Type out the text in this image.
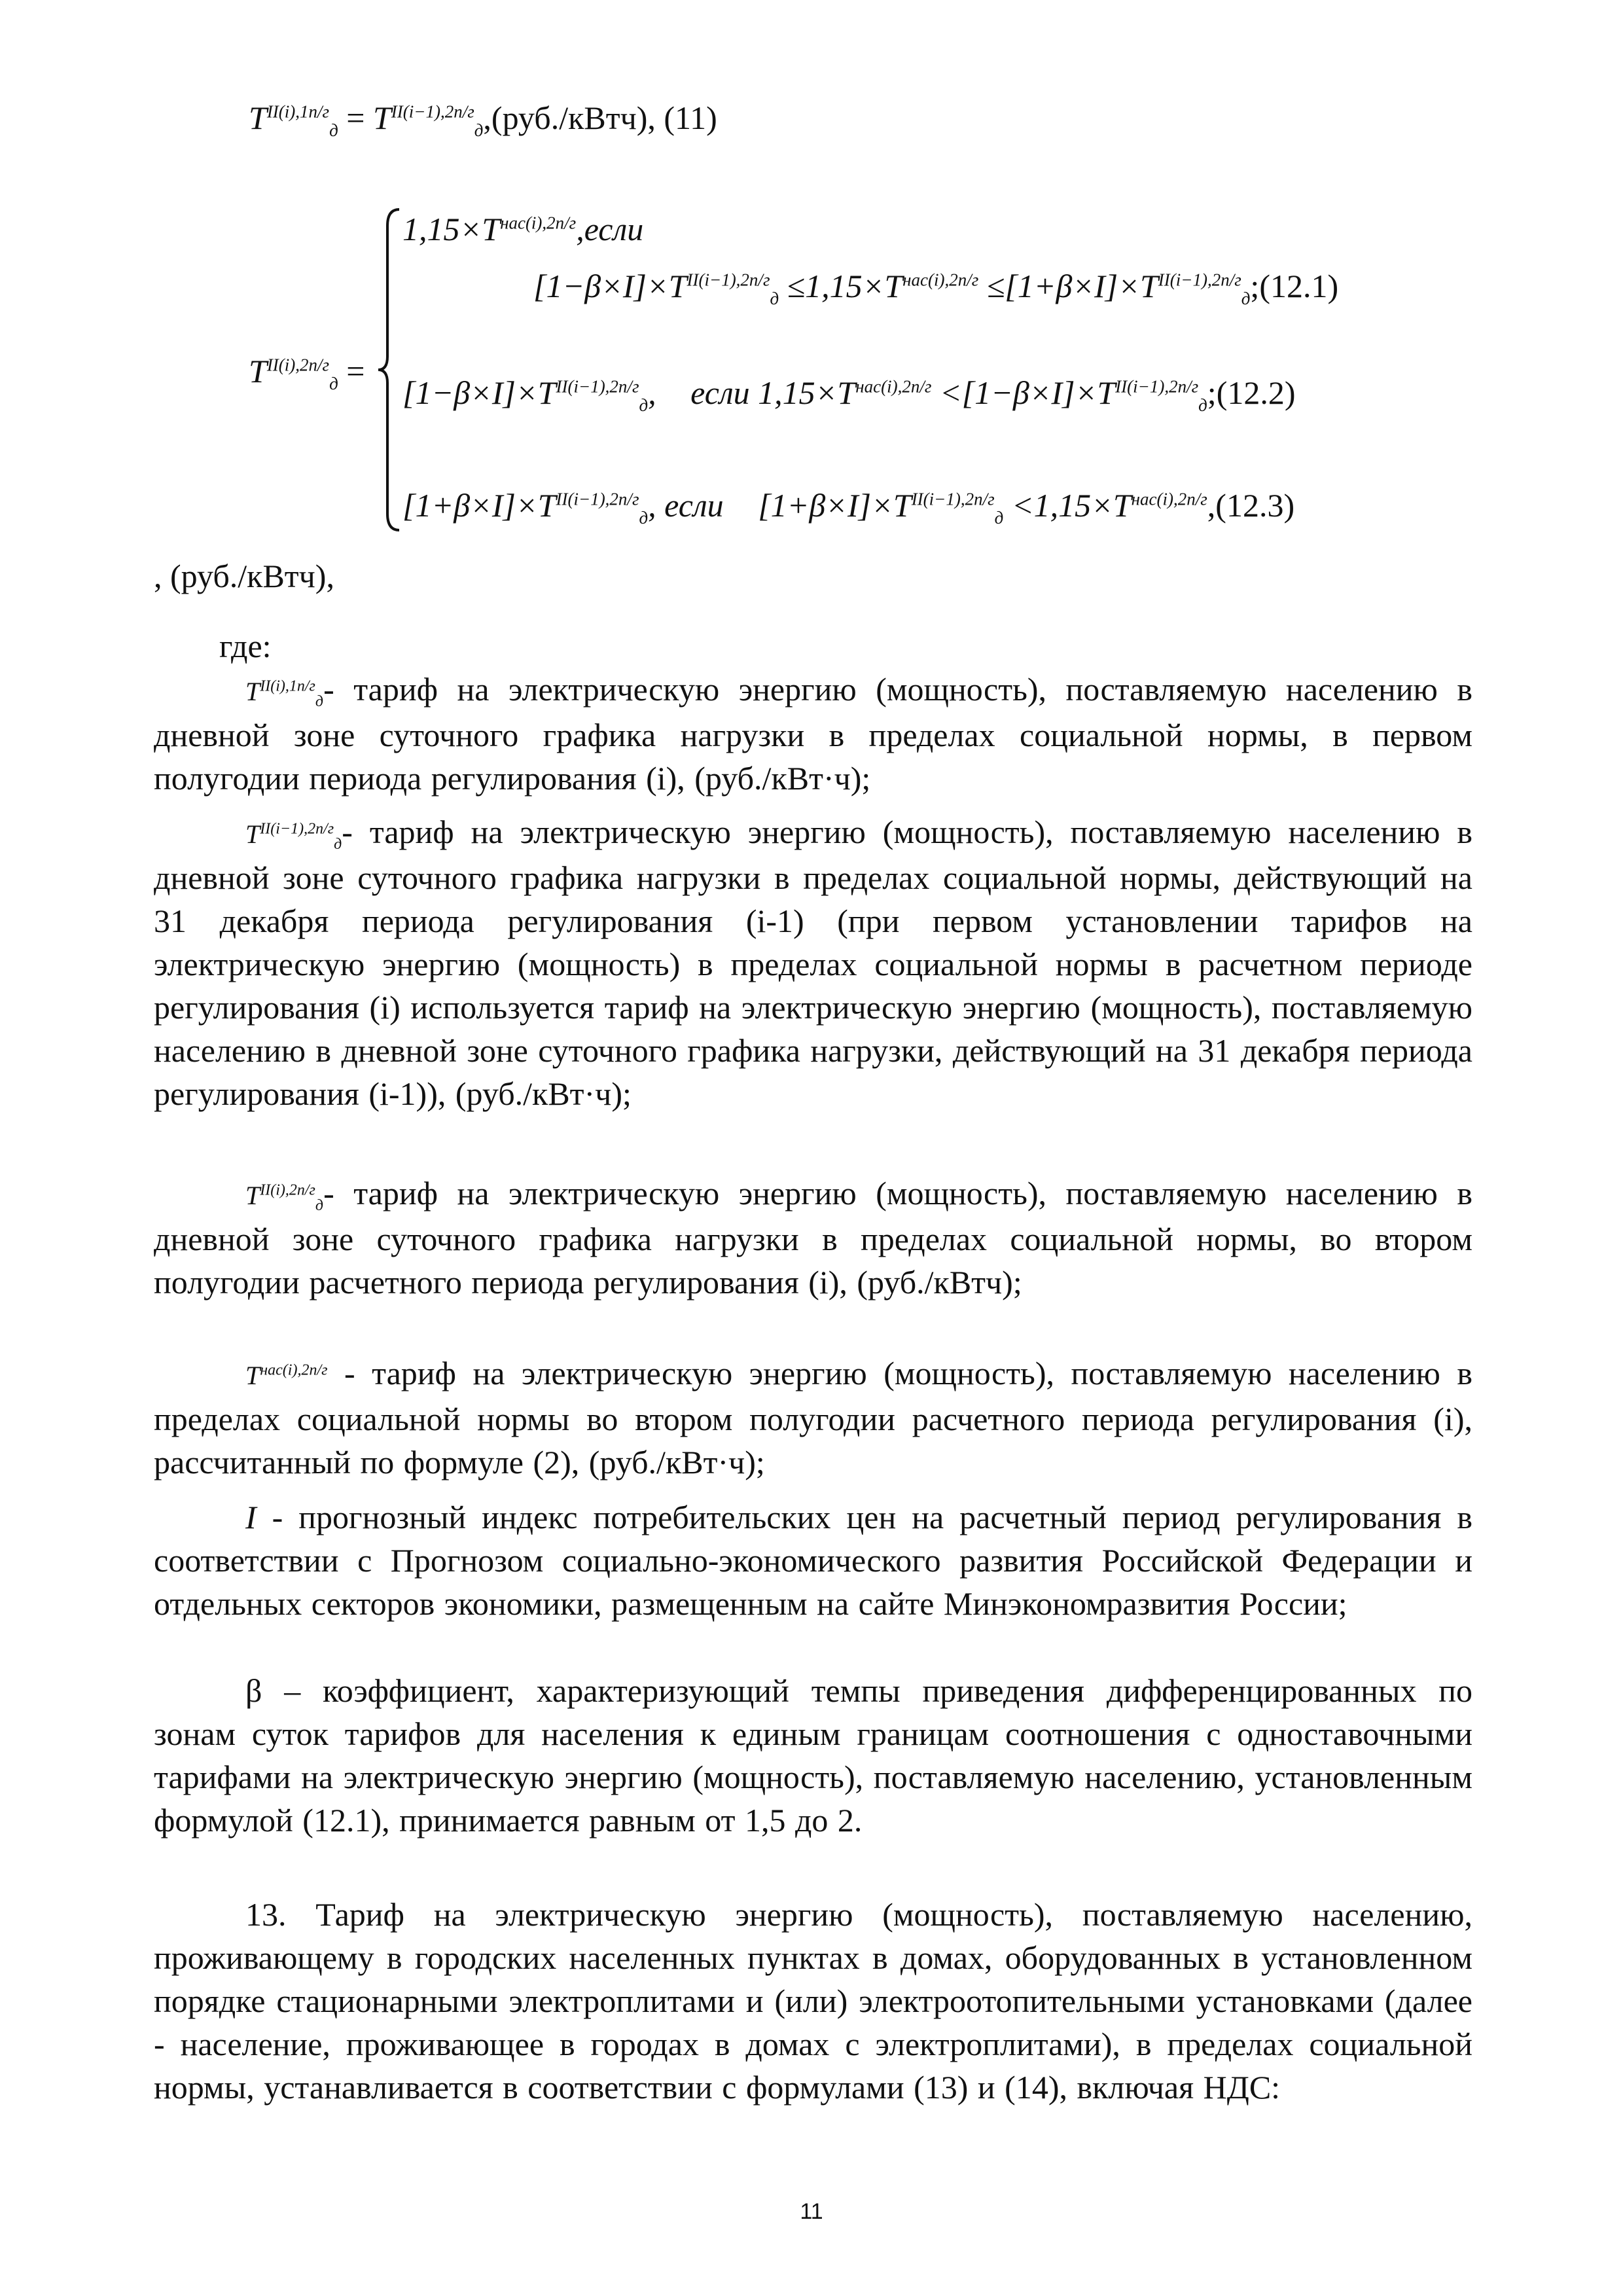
$T^{II(i),1п/г}_д$ = $T^{II(i-1),2п/г}_д,(руб./кВтч)$, (11)
$T^{II(i),2п/г}_д$ =
$1,15\times T^{нас(i),2п/г},если$
$[1-\beta\times I]\times T^{II(i-1),2п/г}_д \le 1,15\times T^{нас(i),2п/г}$ $\le[1+\beta\times I]\times T^{II(i-1),2п/г}_д;(12.1)$
$[1-\beta\times I]\times T^{II(i-1),2п/г}_д$, если $1,15\times T^{нас(i),2п/г}$ $<[1-\beta\times I]\times T^{II(i-1),2п/г}_д;(12.2)$
$[1+\beta\times I]\times T^{II(i-1),2п/г}_д$, если $[1+\beta\times I]\times T^{II(i-1),2п/г}_д <1,15\times T^{нас(i),2п/г},(12.3)$
, (руб./кВтч),
где:
$T^{II(i),1п/г}_д-$ тариф на электрическую энергию (мощность), поставляемую населению в дневной зоне суточного графика нагрузки в пределах социальной нормы, в первом полугодии периода регулирования (i), (руб./кВт·ч);
$T^{II(i-1),2п/г}_д-$ тариф на электрическую энергию (мощность), поставляемую населению в дневной зоне суточного графика нагрузки в пределах социальной нормы, действующий на 31 декабря периода регулирования (i-1) (при первом установлении тарифов на электрическую энергию (мощность) в пределах социальной нормы в расчетном периоде регулирования (i) используется тариф на электрическую энергию (мощность), поставляемую населению в дневной зоне суточного графика нагрузки, действующий на 31 декабря периода регулирования (i-1)), (руб./кВт·ч);
$T^{II(i),2п/г}_д-$ тариф на электрическую энергию (мощность), поставляемую населению в дневной зоне суточного графика нагрузки в пределах социальной нормы, во втором полугодии расчетного периода регулирования (i), (руб./кВтч);
$T^{нас(i),2п/г}$ - тариф на электрическую энергию (мощность), поставляемую населению в пределах социальной нормы во втором полугодии расчетного периода регулирования (i), рассчитанный по формуле (2), (руб./кВт·ч);
I - прогнозный индекс потребительских цен на расчетный период регулирования в соответствии с Прогнозом социально-экономического развития Российской Федерации и отдельных секторов экономики, размещенным на сайте Минэкономразвития России;
β – коэффициент, характеризующий темпы приведения дифференцированных по зонам суток тарифов для населения к единым границам соотношения с одноставочными тарифами на электрическую энергию (мощность), поставляемую населению, установленным формулой (12.1), принимается равным от 1,5 до 2.
13. Тариф на электрическую энергию (мощность), поставляемую населению, проживающему в городских населенных пунктах в домах, оборудованных в установленном порядке стационарными электроплитами и (или) электроотопительными установками (далее - население, проживающее в городах в домах с электроплитами), в пределах социальной нормы, устанавливается в соответствии с формулами (13) и (14), включая НДС:
11
